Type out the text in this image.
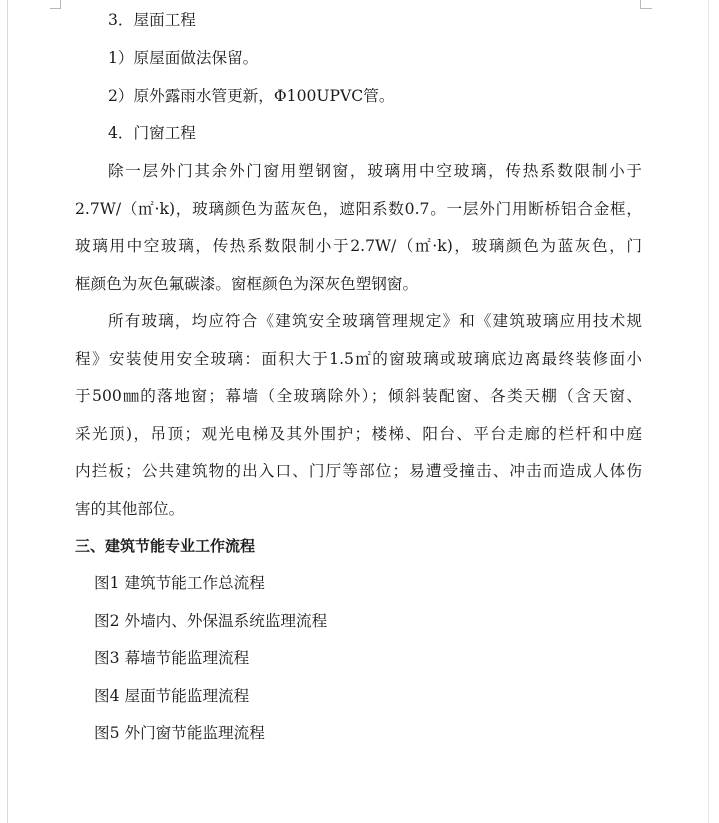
3．屋面工程
1）原屋面做法保留。
2）原外露雨水管更新，Φ100UPVC管。
4．门窗工程
除一层外门其余外门窗用塑钢窗，玻璃用中空玻璃，传热系数限制小于
2.7W/（㎡·k)，玻璃颜色为蓝灰色，遮阳系数0.7。一层外门用断桥铝合金框，
玻璃用中空玻璃，传热系数限制小于2.7W/（㎡·k)，玻璃颜色为蓝灰色，门
框颜色为灰色氟碳漆。窗框颜色为深灰色塑钢窗。
所有玻璃，均应符合《建筑安全玻璃管理规定》和《建筑玻璃应用技术规
程》安装使用安全玻璃：面积大于1.5㎡的窗玻璃或玻璃底边离最终装修面小
于500㎜的落地窗；幕墙（全玻璃除外）；倾斜装配窗、各类天棚（含天窗、
采光顶)，吊顶；观光电梯及其外围护；楼梯、阳台、平台走廊的栏杆和中庭
内拦板；公共建筑物的出入口、门厅等部位；易遭受撞击、冲击而造成人体伤
害的其他部位。
三、建筑节能专业工作流程
图1 建筑节能工作总流程
图2 外墙内、外保温系统监理流程
图3 幕墙节能监理流程
图4 屋面节能监理流程
图5 外门窗节能监理流程
